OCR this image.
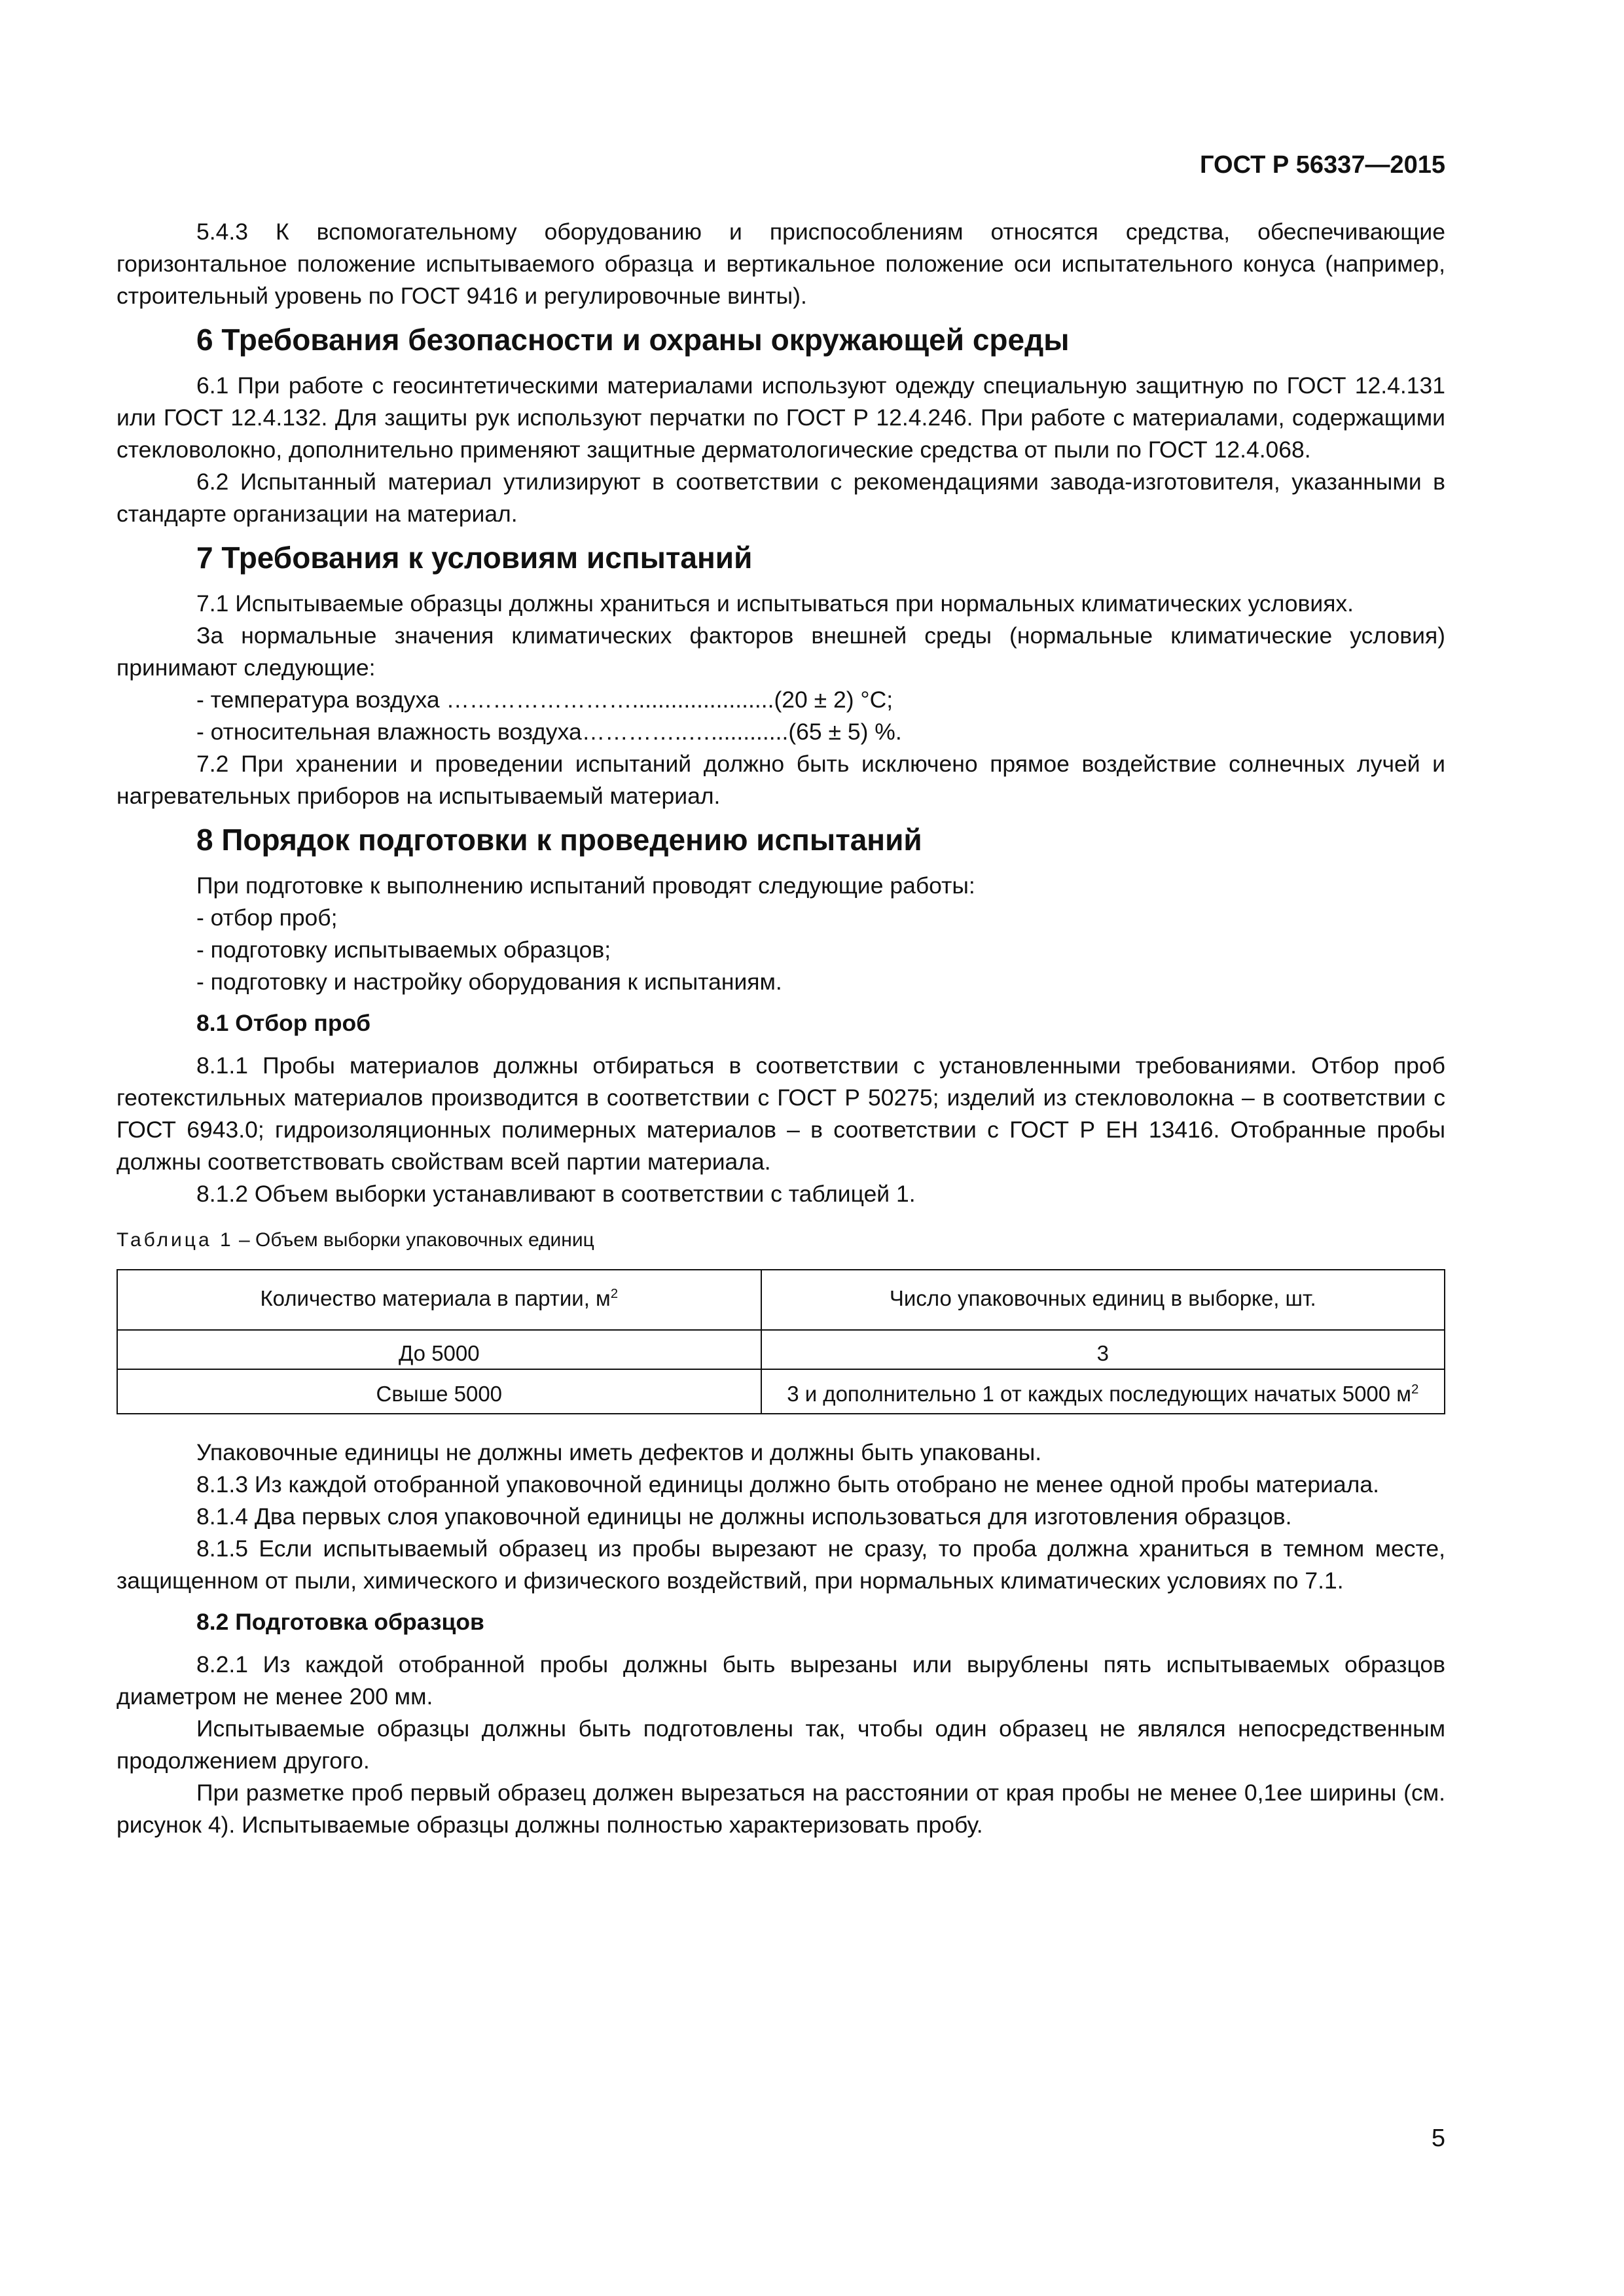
ГОСТ Р 56337—2015

5.4.3 К вспомогательному оборудованию и приспособлениям относятся средства, обеспечивающие горизонтальное положение испытываемого образца и вертикальное положение оси испытательного конуса (например, строительный уровень по ГОСТ 9416 и регулировочные винты).

6 Требования безопасности и охраны окружающей среды

6.1 При работе с геосинтетическими материалами используют одежду специальную защитную по ГОСТ 12.4.131 или ГОСТ 12.4.132. Для защиты рук используют перчатки по ГОСТ Р 12.4.246. При работе с материалами, содержащими стекловолокно, дополнительно применяют защитные дерматологические средства от пыли по ГОСТ 12.4.068.

6.2 Испытанный материал утилизируют в соответствии с рекомендациями завода-изготовителя, указанными в стандарте организации на материал.

7 Требования к условиям испытаний

7.1 Испытываемые образцы должны храниться и испытываться при нормальных климатических условиях.

За нормальные значения климатических факторов внешней среды (нормальные климатические условия) принимают следующие:

- температура воздуха ……………………......................(20 ± 2) °С;

- относительная влажность воздуха…………..…............(65 ± 5) %.

7.2 При хранении и проведении испытаний должно быть исключено прямое воздействие солнечных лучей и нагревательных приборов на испытываемый материал.

8 Порядок подготовки к проведению испытаний

При подготовке к выполнению испытаний проводят следующие работы:

- отбор проб;

- подготовку испытываемых образцов;

- подготовку и настройку оборудования к испытаниям.

8.1 Отбор проб

8.1.1 Пробы материалов должны отбираться в соответствии с установленными требованиями. Отбор проб геотекстильных материалов производится в соответствии с ГОСТ Р 50275; изделий из стекловолокна – в соответствии с ГОСТ 6943.0; гидроизоляционных полимерных материалов – в соответствии с ГОСТ Р ЕН 13416. Отобранные пробы должны соответствовать свойствам всей партии материала.

8.1.2 Объем выборки устанавливают в соответствии с таблицей 1.

Таблица 1 – Объем выборки упаковочных единиц
Количество материала в партии, $м^2$	Число упаковочных единиц в выборке, шт.
До 5000	3
Свыше 5000	3 и дополнительно 1 от каждых последующих начатых 5000 $м^2$

Упаковочные единицы не должны иметь дефектов и должны быть упакованы.

8.1.3 Из каждой отобранной упаковочной единицы должно быть отобрано не менее одной пробы материала.

8.1.4 Два первых слоя упаковочной единицы не должны использоваться для изготовления образцов.

8.1.5 Если испытываемый образец из пробы вырезают не сразу, то проба должна храниться в темном месте, защищенном от пыли, химического и физического воздействий, при нормальных климатических условиях по 7.1.

8.2 Подготовка образцов

8.2.1 Из каждой отобранной пробы должны быть вырезаны или вырублены пять испытываемых образцов диаметром не менее 200 мм.

Испытываемые образцы должны быть подготовлены так, чтобы один образец не являлся непосредственным продолжением другого.

При разметке проб первый образец должен вырезаться на расстоянии от края пробы не менее 0,1ее ширины (см. рисунок 4). Испытываемые образцы должны полностью характеризовать пробу.

5
